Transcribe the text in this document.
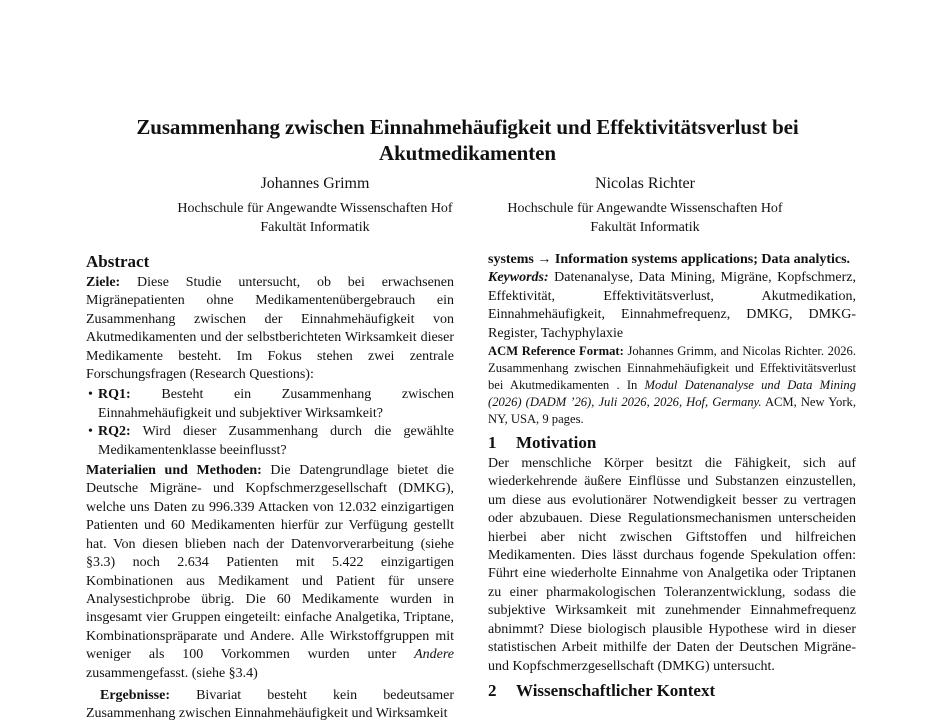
Zusammenhang zwischen Einnahmehäufigkeit und Effektivitätsverlust bei
Akutmedikamenten
Johannes Grimm
Hochschule für Angewandte Wissenschaften Hof
Fakultät Informatik
Nicolas Richter
Hochschule für Angewandte Wissenschaften Hof
Fakultät Informatik
Abstract

Ziele: Diese Studie untersucht, ob bei erwachsenen Migränepatienten ohne Medikamentenübergebrauch ein Zusammenhang zwischen der Einnahmehäufigkeit von Akutmedikamenten und der selbstberichteten Wirksamkeit dieser Medikamente besteht. Im Fokus stehen zwei zentrale Forschungsfragen (Research Questions):

• RQ1: Besteht ein Zusammenhang zwischen Einnahmehäufigkeit und subjektiver Wirksamkeit?
• RQ2: Wird dieser Zusammenhang durch die gewählte Medikamentenklasse beeinflusst?

Materialien und Methoden: Die Datengrundlage bietet die Deutsche Migräne- und Kopfschmerzgesellschaft (DMKG), welche uns Daten zu 996.339 Attacken von 12.032 einzigartigen Patienten und 60 Medikamenten hierfür zur Verfügung gestellt hat. Von diesen blieben nach der Datenvorverarbeitung (siehe §3.3) noch 2.634 Patienten mit 5.422 einzigartigen Kombinationen aus Medikament und Patient für unsere Analysestichprobe übrig. Die 60 Medikamente wurden in insgesamt vier Gruppen eingeteilt: einfache Analgetika, Triptane, Kombinationspräparate und Andere. Alle Wirkstoffgruppen mit weniger als 100 Vorkommen wurden unter Andere zusammengefasst. (siehe §3.4)

Ergebnisse: Bivariat besteht kein bedeutsamer Zusammenhang zwischen Einnahmehäufigkeit und Wirksamkeit

systems → Information systems applications; Data analytics.

Keywords: Datenanalyse, Data Mining, Migräne, Kopfschmerz, Effektivität, Effektivitätsverlust, Akutmedikation, Einnahmehäufigkeit, Einnahmefrequenz, DMKG, DMKG-Register, Tachyphylaxie

ACM Reference Format: Johannes Grimm, and Nicolas Richter. 2026. Zusammenhang zwischen Einnahmehäufigkeit und Effektivitätsverlust bei Akutmedikamenten . In Modul Datenanalyse und Data Mining (2026) (DADM ’26), Juli 2026, 2026, Hof, Germany. ACM, New York, NY, USA, 9 pages.

1 Motivation

Der menschliche Körper besitzt die Fähigkeit, sich auf wiederkehrende äußere Einflüsse und Substanzen einzustellen, um diese aus evolutionärer Notwendigkeit besser zu vertragen oder abzubauen. Diese Regulationsmechanismen unterscheiden hierbei aber nicht zwischen Giftstoffen und hilfreichen Medikamenten. Dies lässt durchaus fogende Spekulation offen: Führt eine wiederholte Einnahme von Analgetika oder Triptanen zu einer pharmakologischen Toleranzentwicklung, sodass die subjektive Wirksamkeit mit zunehmender Einnahmefrequenz abnimmt? Diese biologisch plausible Hypothese wird in dieser statistischen Arbeit mithilfe der Daten der Deutschen Migräne- und Kopfschmerzgesellschaft (DMKG) untersucht.

2 Wissenschaftlicher Kontext
